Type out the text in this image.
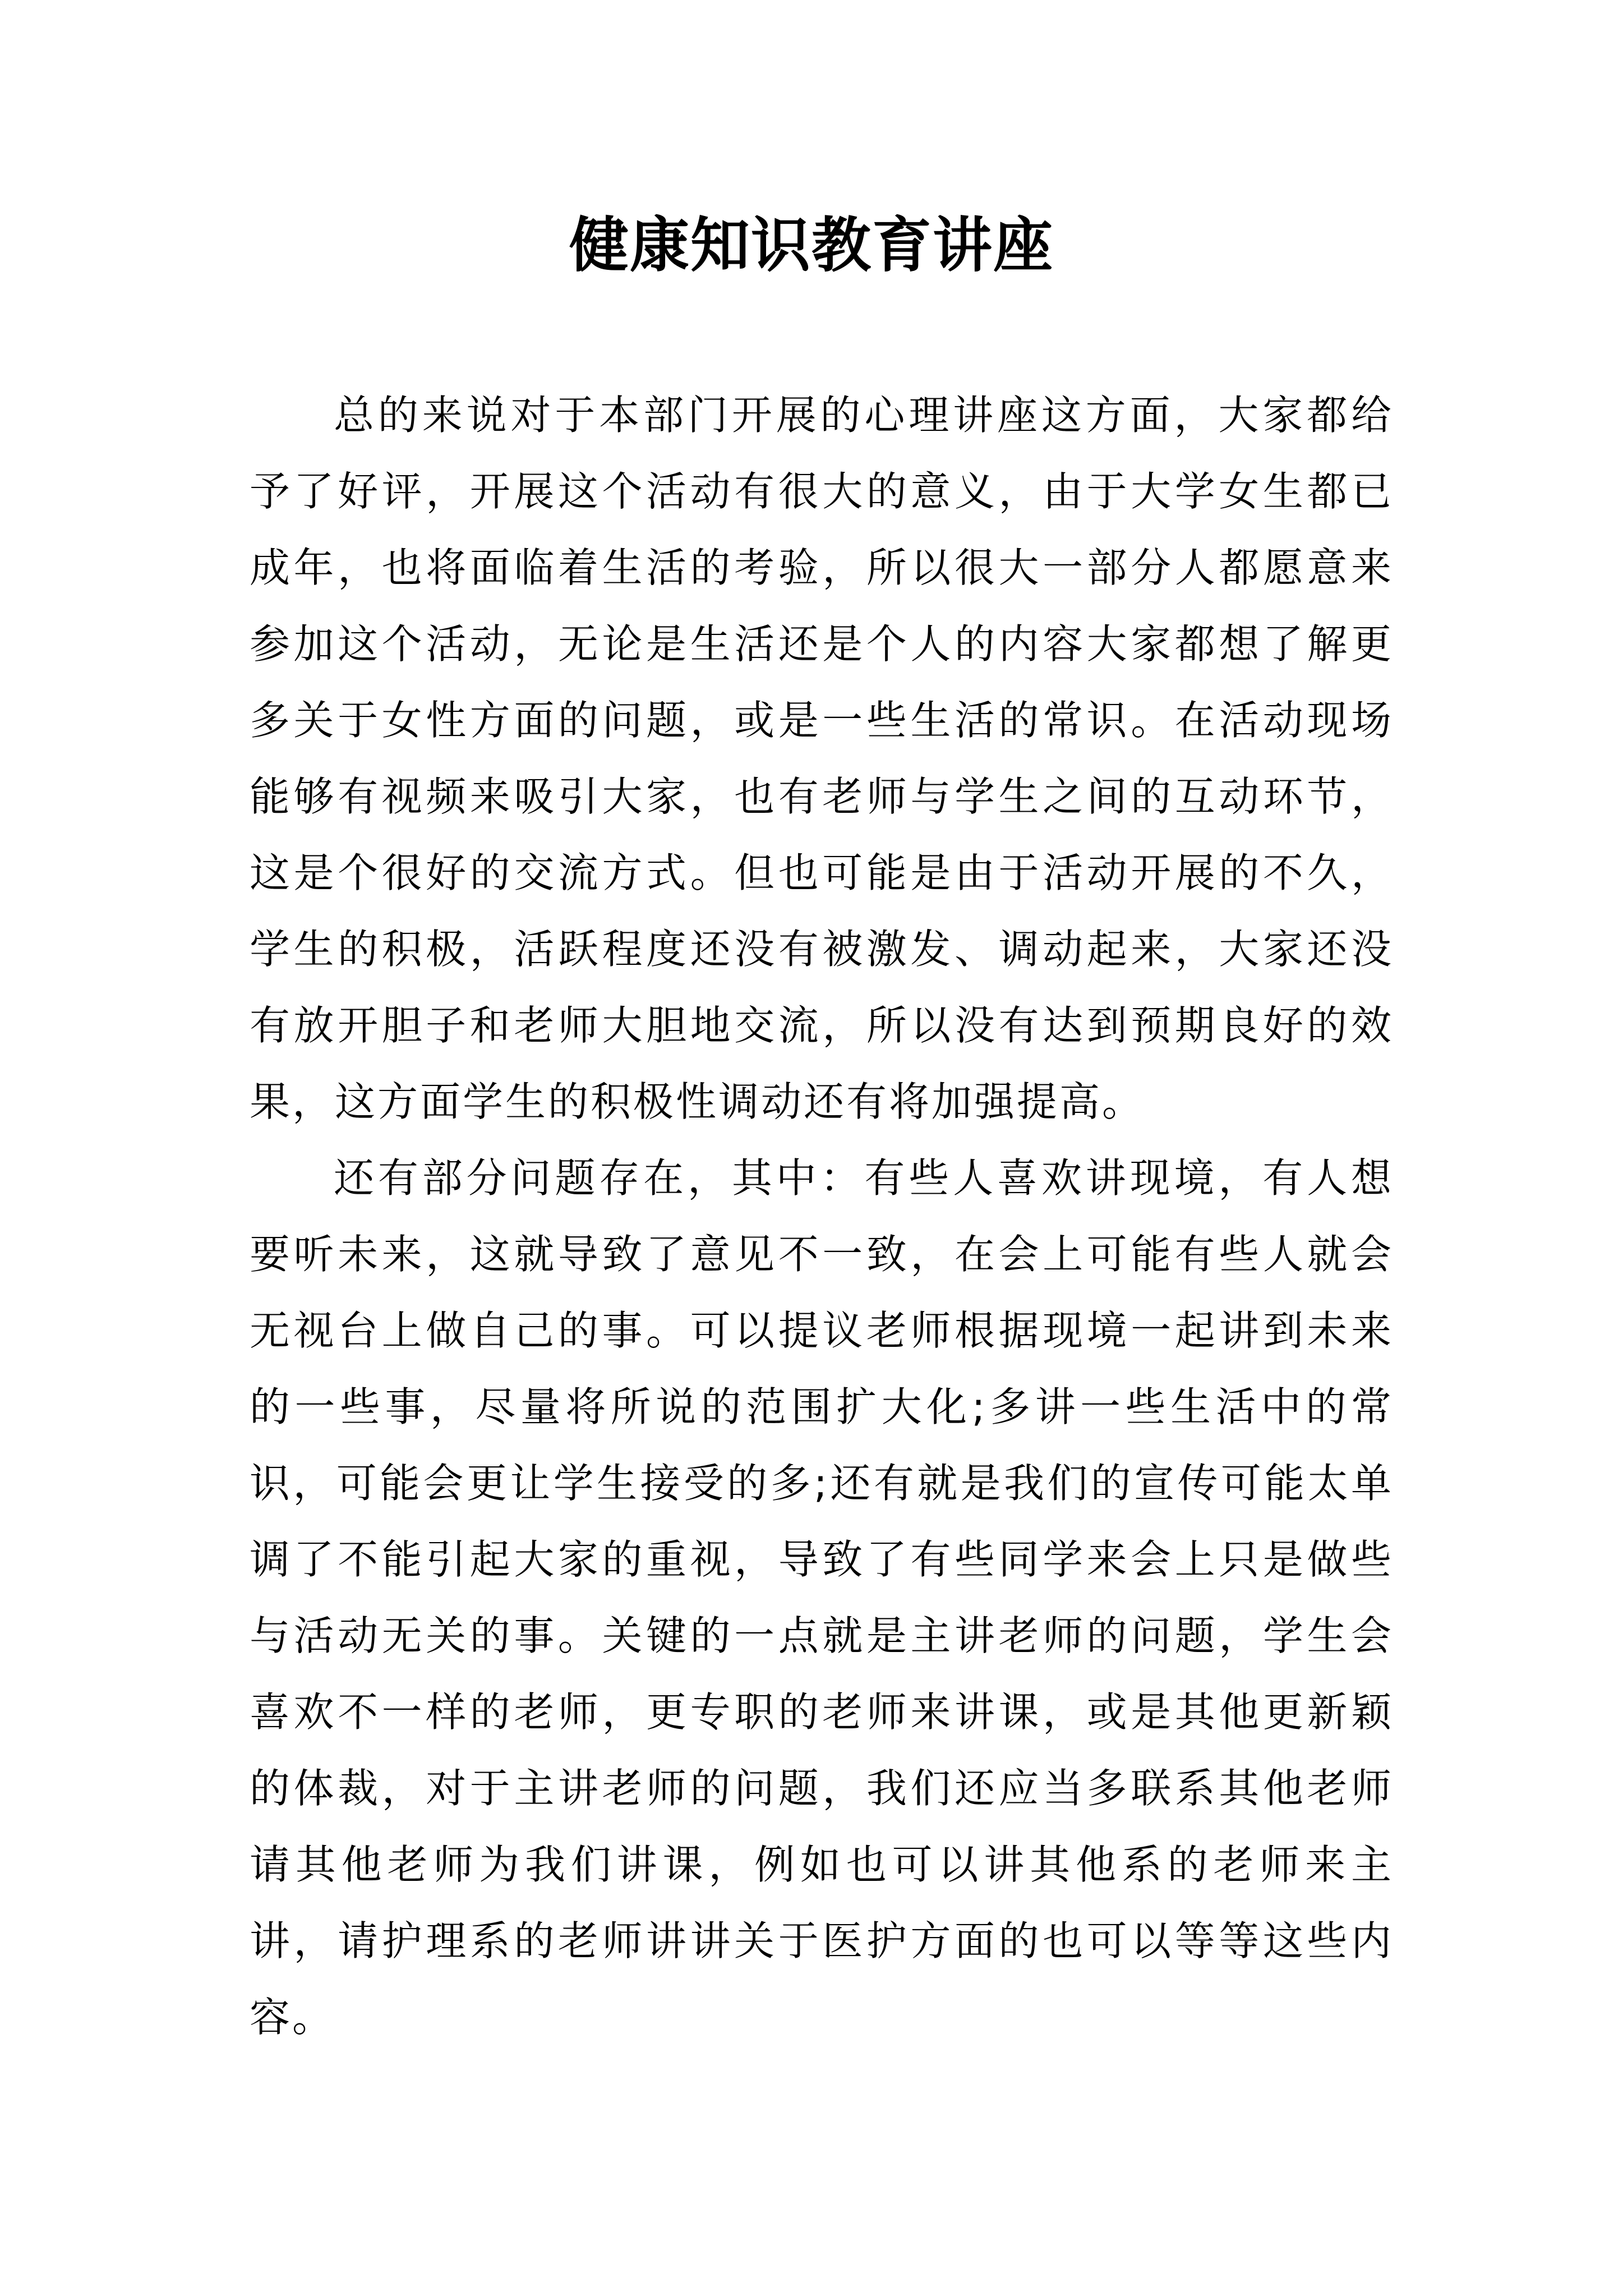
健康知识教育讲座

总的来说对于本部门开展的心理讲座这方面，大家都给予了好评，开展这个活动有很大的意义，由于大学女生都已成年，也将面临着生活的考验，所以很大一部分人都愿意来参加这个活动，无论是生活还是个人的内容大家都想了解更多关于女性方面的问题，或是一些生活的常识。在活动现场能够有视频来吸引大家，也有老师与学生之间的互动环节，这是个很好的交流方式。但也可能是由于活动开展的不久，学生的积极，活跃程度还没有被激发、调动起来，大家还没有放开胆子和老师大胆地交流，所以没有达到预期良好的效果，这方面学生的积极性调动还有将加强提高。

还有部分问题存在，其中：有些人喜欢讲现境，有人想要听未来，这就导致了意见不一致，在会上可能有些人就会无视台上做自己的事。可以提议老师根据现境一起讲到未来的一些事，尽量将所说的范围扩大化;多讲一些生活中的常识，可能会更让学生接受的多;还有就是我们的宣传可能太单调了不能引起大家的重视，导致了有些同学来会上只是做些与活动无关的事。关键的一点就是主讲老师的问题，学生会喜欢不一样的老师，更专职的老师来讲课，或是其他更新颖的体裁，对于主讲老师的问题，我们还应当多联系其他老师请其他老师为我们讲课，例如也可以讲其他系的老师来主讲，请护理系的老师讲讲关于医护方面的也可以等等这些内容。
